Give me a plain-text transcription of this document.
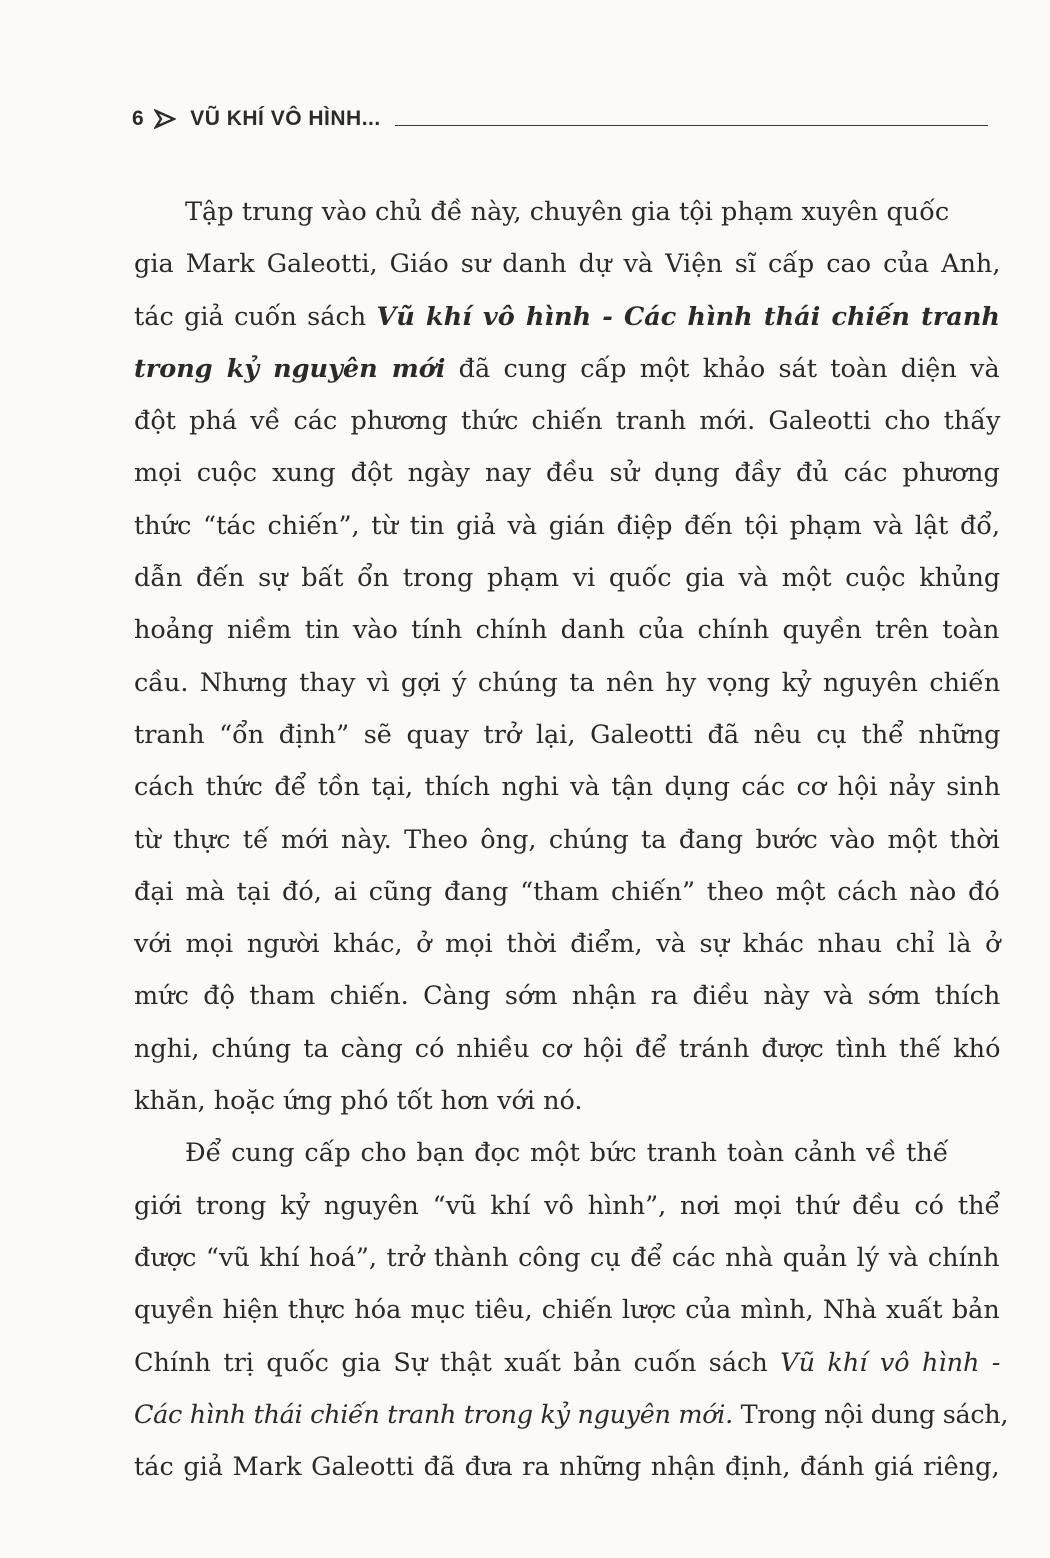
6 VŨ KHÍ VÔ HÌNH...

Tập trung vào chủ đề này, chuyên gia tội phạm xuyên quốc
gia Mark Galeotti, Giáo sư danh dự và Viện sĩ cấp cao của Anh,
tác giả cuốn sách Vũ khí vô hình - Các hình thái chiến tranh
trong kỷ nguyên mới đã cung cấp một khảo sát toàn diện và
đột phá về các phương thức chiến tranh mới. Galeotti cho thấy
mọi cuộc xung đột ngày nay đều sử dụng đầy đủ các phương
thức “tác chiến”, từ tin giả và gián điệp đến tội phạm và lật đổ,
dẫn đến sự bất ổn trong phạm vi quốc gia và một cuộc khủng
hoảng niềm tin vào tính chính danh của chính quyền trên toàn
cầu. Nhưng thay vì gợi ý chúng ta nên hy vọng kỷ nguyên chiến
tranh “ổn định” sẽ quay trở lại, Galeotti đã nêu cụ thể những
cách thức để tồn tại, thích nghi và tận dụng các cơ hội nảy sinh
từ thực tế mới này. Theo ông, chúng ta đang bước vào một thời
đại mà tại đó, ai cũng đang “tham chiến” theo một cách nào đó
với mọi người khác, ở mọi thời điểm, và sự khác nhau chỉ là ở
mức độ tham chiến. Càng sớm nhận ra điều này và sớm thích
nghi, chúng ta càng có nhiều cơ hội để tránh được tình thế khó
khăn, hoặc ứng phó tốt hơn với nó.

Để cung cấp cho bạn đọc một bức tranh toàn cảnh về thế
giới trong kỷ nguyên “vũ khí vô hình”, nơi mọi thứ đều có thể
được “vũ khí hoá”, trở thành công cụ để các nhà quản lý và chính
quyền hiện thực hóa mục tiêu, chiến lược của mình, Nhà xuất bản
Chính trị quốc gia Sự thật xuất bản cuốn sách Vũ khí vô hình -
Các hình thái chiến tranh trong kỷ nguyên mới. Trong nội dung sách,
tác giả Mark Galeotti đã đưa ra những nhận định, đánh giá riêng,
